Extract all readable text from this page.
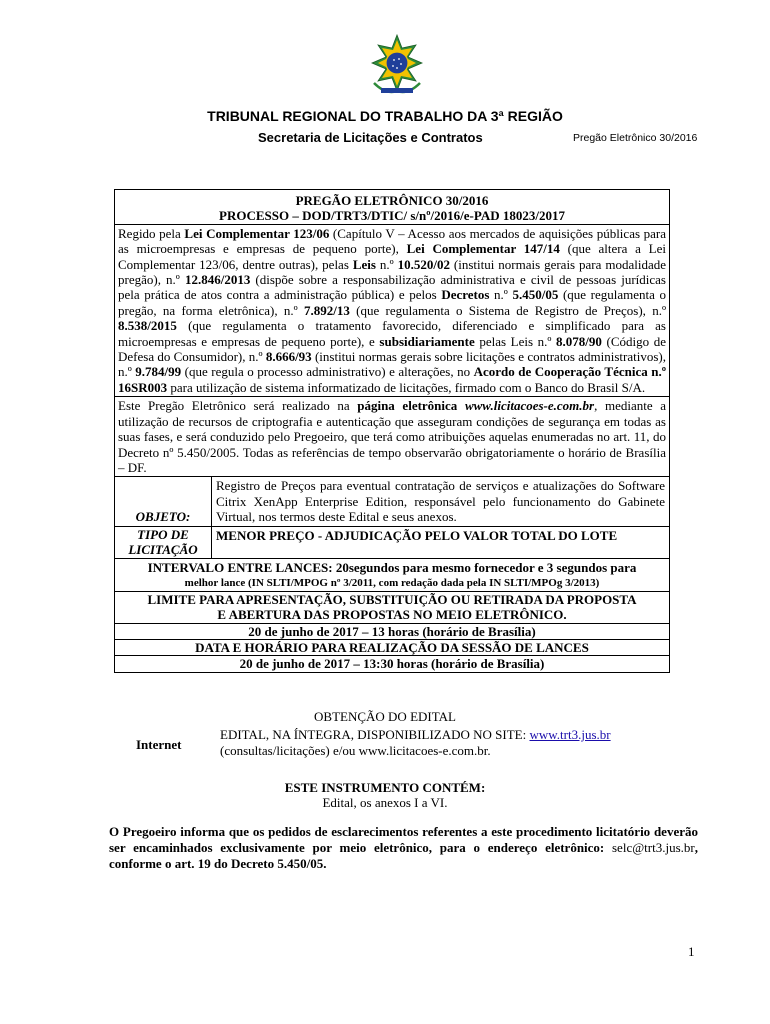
TRIBUNAL REGIONAL DO TRABALHO DA 3ª REGIÃO
Secretaria de Licitações e Contratos	Pregão Eletrônico 30/2016
PREGÃO ELETRÔNICO 30/2016
PROCESSO – DOD/TRT3/DTIC/ s/nº/2016/e-PAD 18023/2017
Regido pela Lei Complementar 123/06 (Capítulo V – Acesso aos mercados de aquisições públicas para as microempresas e empresas de pequeno porte), Lei Complementar 147/14 (que altera a Lei Complementar 123/06, dentre outras), pelas Leis n.º 10.520/02 (institui normais gerais para modalidade pregão), n.º 12.846/2013 (dispõe sobre a responsabilização administrativa e civil de pessoas jurídicas pela prática de atos contra a administração pública) e pelos Decretos n.º 5.450/05 (que regulamenta o pregão, na forma eletrônica), n.º 7.892/13 (que regulamenta o Sistema de Registro de Preços), n.º 8.538/2015 (que regulamenta o tratamento favorecido, diferenciado e simplificado para as microempresas e empresas de pequeno porte), e subsidiariamente pelas Leis n.º 8.078/90 (Código de Defesa do Consumidor), n.º 8.666/93 (institui normas gerais sobre licitações e contratos administrativos), n.º 9.784/99 (que regula o processo administrativo) e alterações, no Acordo de Cooperação Técnica n.º 16SR003 para utilização de sistema informatizado de licitações, firmado com o Banco do Brasil S/A.
Este Pregão Eletrônico será realizado na página eletrônica www.licitacoes-e.com.br, mediante a utilização de recursos de criptografia e autenticação que asseguram condições de segurança em todas as suas fases, e será conduzido pelo Pregoeiro, que terá como atribuições aquelas enumeradas no art. 11, do Decreto nº 5.450/2005. Todas as referências de tempo observarão obrigatoriamente o horário de Brasília – DF.
OBJETO:
Registro de Preços para eventual contratação de serviços e atualizações do Software Citrix XenApp Enterprise Edition, responsável pelo funcionamento do Gabinete Virtual, nos termos deste Edital e seus anexos.
TIPO DE
LICITAÇÃO
MENOR PREÇO - ADJUDICAÇÃO PELO VALOR TOTAL DO LOTE
INTERVALO ENTRE LANCES: 20segundos para mesmo fornecedor e 3 segundos para
melhor lance (IN SLTI/MPOG nº 3/2011, com redação dada pela IN SLTI/MPOg 3/2013)
LIMITE PARA APRESENTAÇÃO, SUBSTITUIÇÃO OU RETIRADA DA PROPOSTA
E ABERTURA DAS PROPOSTAS NO MEIO ELETRÔNICO.
20 de junho de 2017 – 13 horas (horário de Brasília)
DATA E HORÁRIO PARA REALIZAÇÃO DA SESSÃO DE LANCES
20 de junho de 2017 – 13:30 horas (horário de Brasília)
OBTENÇÃO DO EDITAL
Internet
EDITAL, NA ÍNTEGRA, DISPONIBILIZADO NO SITE: www.trt3.jus.br
(consultas/licitações) e/ou www.licitacoes-e.com.br.
ESTE INSTRUMENTO CONTÉM:
Edital, os anexos I a VI.
O Pregoeiro informa que os pedidos de esclarecimentos referentes a este procedimento licitatório deverão ser encaminhados exclusivamente por meio eletrônico, para o endereço eletrônico: selc@trt3.jus.br, conforme o art. 19 do Decreto 5.450/05.
1
